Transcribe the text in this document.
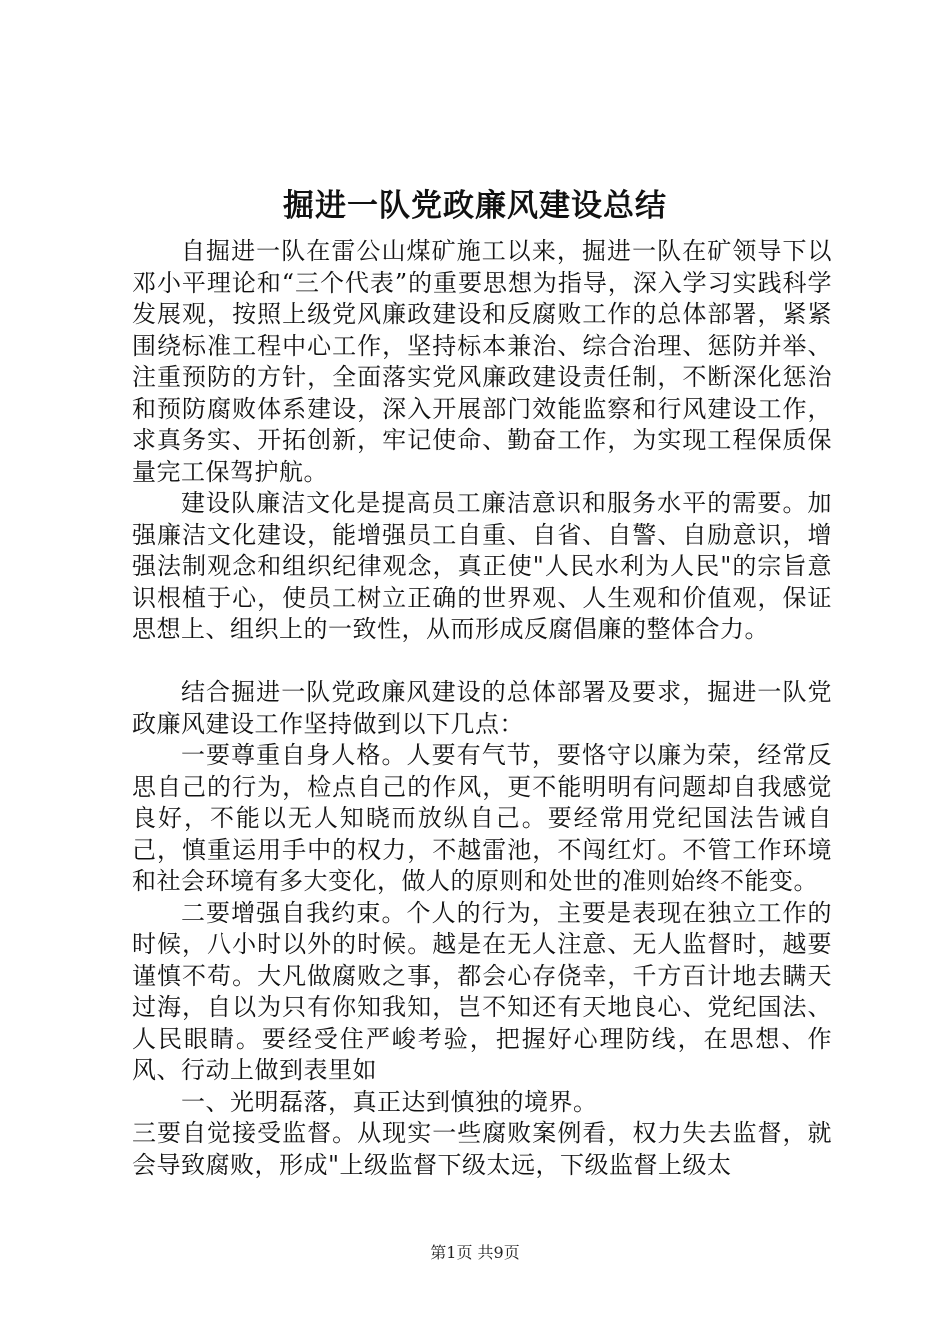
掘进一队党政廉风建设总结

自掘进一队在雷公山煤矿施工以来，掘进一队在矿领导下以邓小平理论和“三个代表”的重要思想为指导，深入学习实践科学发展观，按照上级党风廉政建设和反腐败工作的总体部署，紧紧围绕标准工程中心工作，坚持标本兼治、综合治理、惩防并举、注重预防的方针，全面落实党风廉政建设责任制，不断深化惩治和预防腐败体系建设，深入开展部门效能监察和行风建设工作，求真务实、开拓创新，牢记使命、勤奋工作，为实现工程保质保量完工保驾护航。

建设队廉洁文化是提高员工廉洁意识和服务水平的需要。加强廉洁文化建设，能增强员工自重、自省、自警、自励意识，增强法制观念和组织纪律观念，真正使"人民水利为人民"的宗旨意识根植于心，使员工树立正确的世界观、人生观和价值观，保证思想上、组织上的一致性，从而形成反腐倡廉的整体合力。

结合掘进一队党政廉风建设的总体部署及要求，掘进一队党政廉风建设工作坚持做到以下几点：

一要尊重自身人格。人要有气节，要恪守以廉为荣，经常反思自己的行为，检点自己的作风，更不能明明有问题却自我感觉良好，不能以无人知晓而放纵自己。要经常用党纪国法告诫自己，慎重运用手中的权力，不越雷池，不闯红灯。不管工作环境和社会环境有多大变化，做人的原则和处世的准则始终不能变。

二要增强自我约束。个人的行为，主要是表现在独立工作的时候，八小时以外的时候。越是在无人注意、无人监督时，越要谨慎不苟。大凡做腐败之事，都会心存侥幸，千方百计地去瞒天过海，自以为只有你知我知，岂不知还有天地良心、党纪国法、人民眼睛。要经受住严峻考验，把握好心理防线，在思想、作风、行动上做到表里如

一、光明磊落，真正达到慎独的境界。

三要自觉接受监督。从现实一些腐败案例看，权力失去监督，就会导致腐败，形成"上级监督下级太远，下级监督上级太

第1页 共9页
